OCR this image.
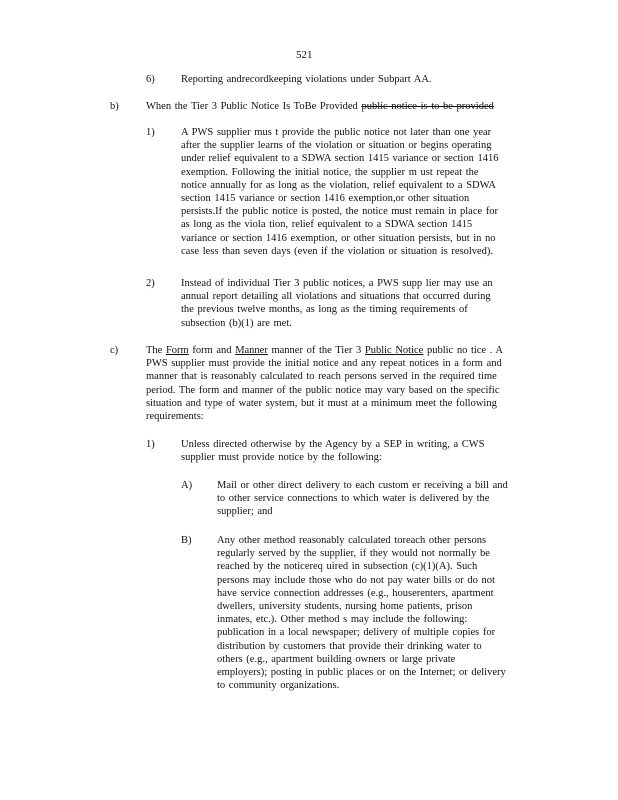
521
6)	Reporting andrecordkeeping violations under Subpart AA.
b)	When the Tier 3 Public Notice Is ToBe Provided public notice is to be provided
1)	A PWS supplier mus t provide the public notice not later than one year
after the supplier learns of the violation or situation or begins operating
under relief equivalent to a SDWA section 1415 variance or section 1416
exemption. Following the initial notice, the supplier m ust repeat the
notice annually for as long as the violation, relief equivalent to a SDWA
section 1415 variance or section 1416 exemption,or other situation
persists.If the public notice is posted, the notice must remain in place for
as long as the viola tion, relief equivalent to a SDWA section 1415
variance or section 1416 exemption, or other situation persists, but in no
case less than seven days (even if the violation or situation is resolved).
2)	Instead of individual Tier 3 public notices, a PWS supp lier may use an
annual report detailing all violations and situations that occurred during
the previous twelve months, as long as the timing requirements of
subsection (b)(1) are met.
c)	The Form form and Manner manner of the Tier 3 Public Notice public no tice . A
PWS supplier must provide the initial notice and any repeat notices in a form and
manner that is reasonably calculated to reach persons served in the required time
period. The form and manner of the public notice may vary based on the specific
situation and type of water system, but it must at a minimum meet the following
requirements:
1)	Unless directed otherwise by the Agency by a SEP in writing, a CWS
supplier must provide notice by the following:
A) Mail or other direct delivery to each custom er receiving a bill and
to other service connections to which water is delivered by the
supplier; and
B) Any other method reasonably calculated toreach other persons
regularly served by the supplier, if they would not normally be
reached by the noticereq uired in subsection (c)(1)(A). Such
persons may include those who do not pay water bills or do not
have service connection addresses (e.g., houserenters, apartment
dwellers, university students, nursing home patients, prison
inmates, etc.). Other method s may include the following:
publication in a local newspaper; delivery of multiple copies for
distribution by customers that provide their drinking water to
others (e.g., apartment building owners or large private
employers); posting in public places or on the Internet; or delivery
to community organizations.
